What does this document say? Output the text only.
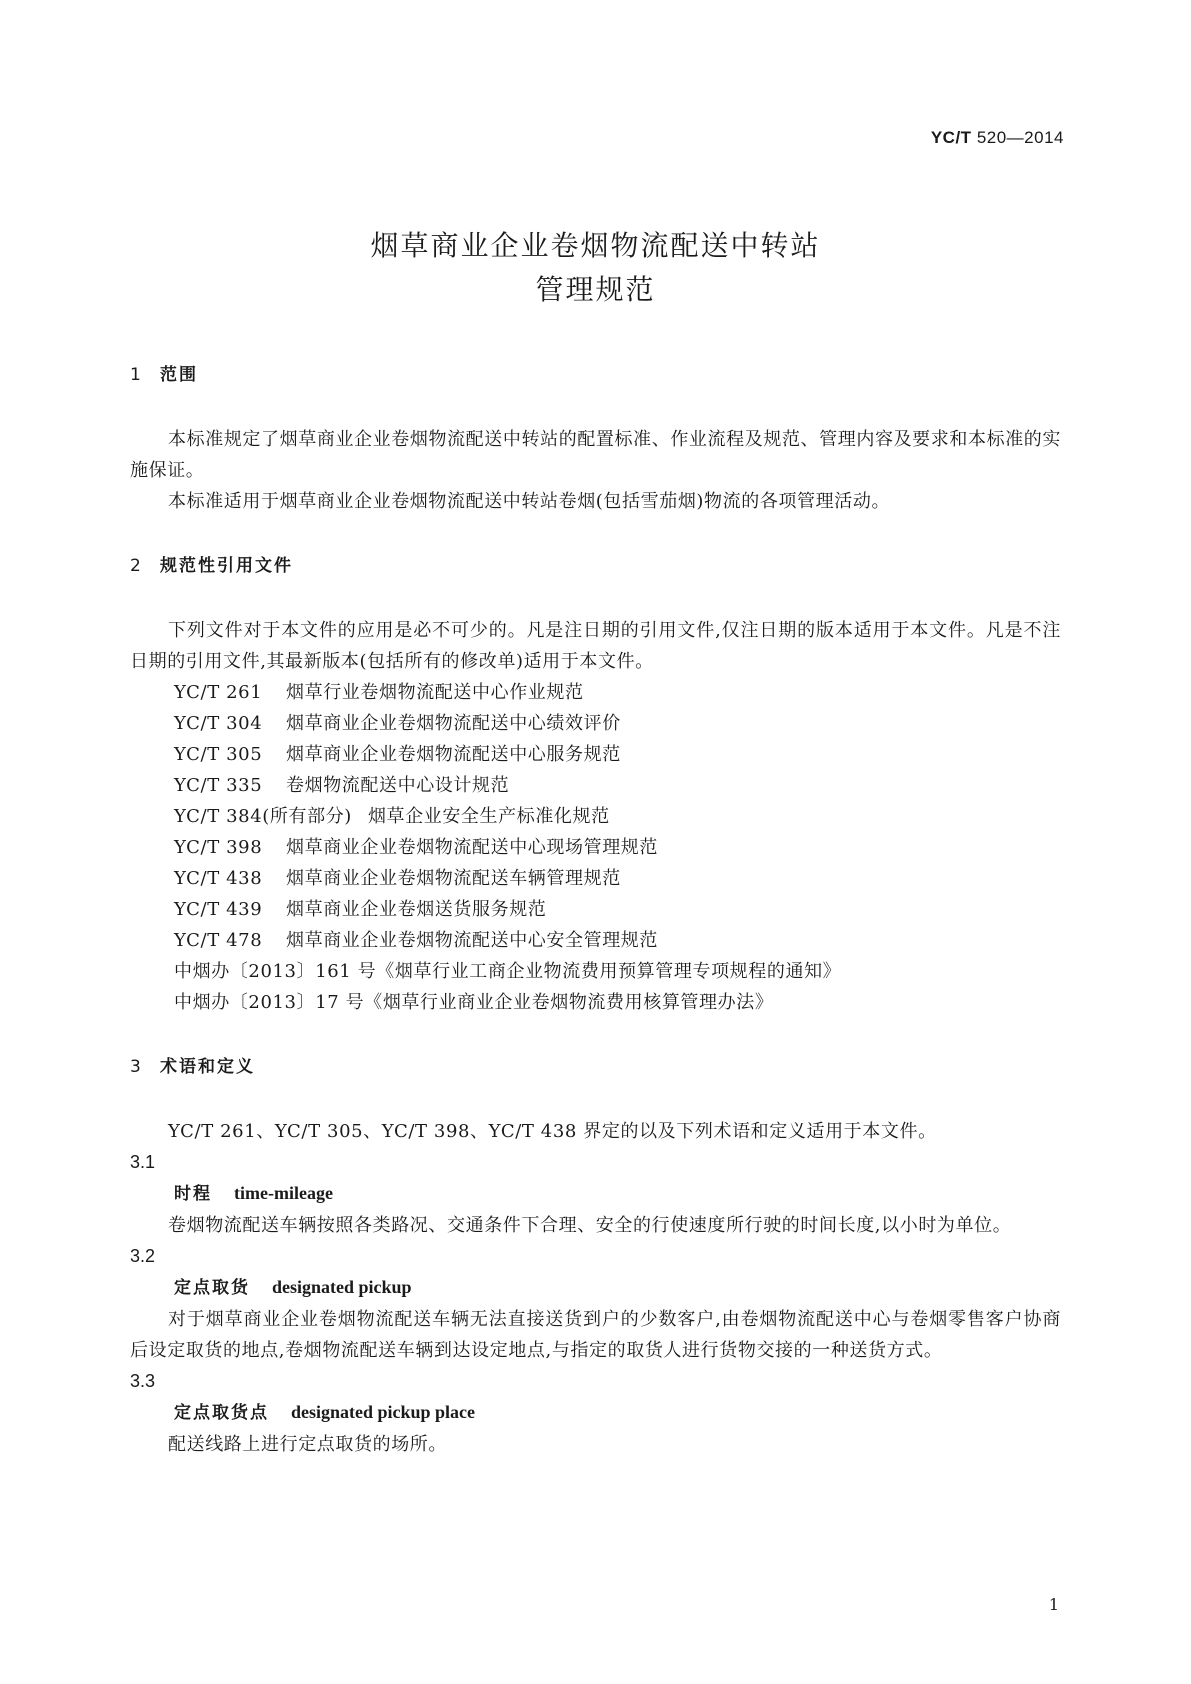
YC/T 520—2014
烟草商业企业卷烟物流配送中转站
管理规范
1 范围

本标准规定了烟草商业企业卷烟物流配送中转站的配置标准、作业流程及规范、管理内容及要求和本标准的实施保证。

本标准适用于烟草商业企业卷烟物流配送中转站卷烟(包括雪茄烟)物流的各项管理活动。

2 规范性引用文件

下列文件对于本文件的应用是必不可少的。凡是注日期的引用文件,仅注日期的版本适用于本文件。凡是不注日期的引用文件,其最新版本(包括所有的修改单)适用于本文件。

YC/T 261 烟草行业卷烟物流配送中心作业规范
YC/T 304 烟草商业企业卷烟物流配送中心绩效评价
YC/T 305 烟草商业企业卷烟物流配送中心服务规范
YC/T 335 卷烟物流配送中心设计规范
YC/T 384(所有部分) 烟草企业安全生产标准化规范
YC/T 398 烟草商业企业卷烟物流配送中心现场管理规范
YC/T 438 烟草商业企业卷烟物流配送车辆管理规范
YC/T 439 烟草商业企业卷烟送货服务规范
YC/T 478 烟草商业企业卷烟物流配送中心安全管理规范
中烟办〔2013〕161 号《烟草行业工商企业物流费用预算管理专项规程的通知》
中烟办〔2013〕17 号《烟草行业商业企业卷烟物流费用核算管理办法》
3 术语和定义

YC/T 261、YC/T 305、YC/T 398、YC/T 438 界定的以及下列术语和定义适用于本文件。

3.1
时程 time-mileage

卷烟物流配送车辆按照各类路况、交通条件下合理、安全的行使速度所行驶的时间长度,以小时为单位。

3.2
定点取货 designated pickup

对于烟草商业企业卷烟物流配送车辆无法直接送货到户的少数客户,由卷烟物流配送中心与卷烟零售客户协商后设定取货的地点,卷烟物流配送车辆到达设定地点,与指定的取货人进行货物交接的一种送货方式。

3.3
定点取货点 designated pickup place

配送线路上进行定点取货的场所。

1
